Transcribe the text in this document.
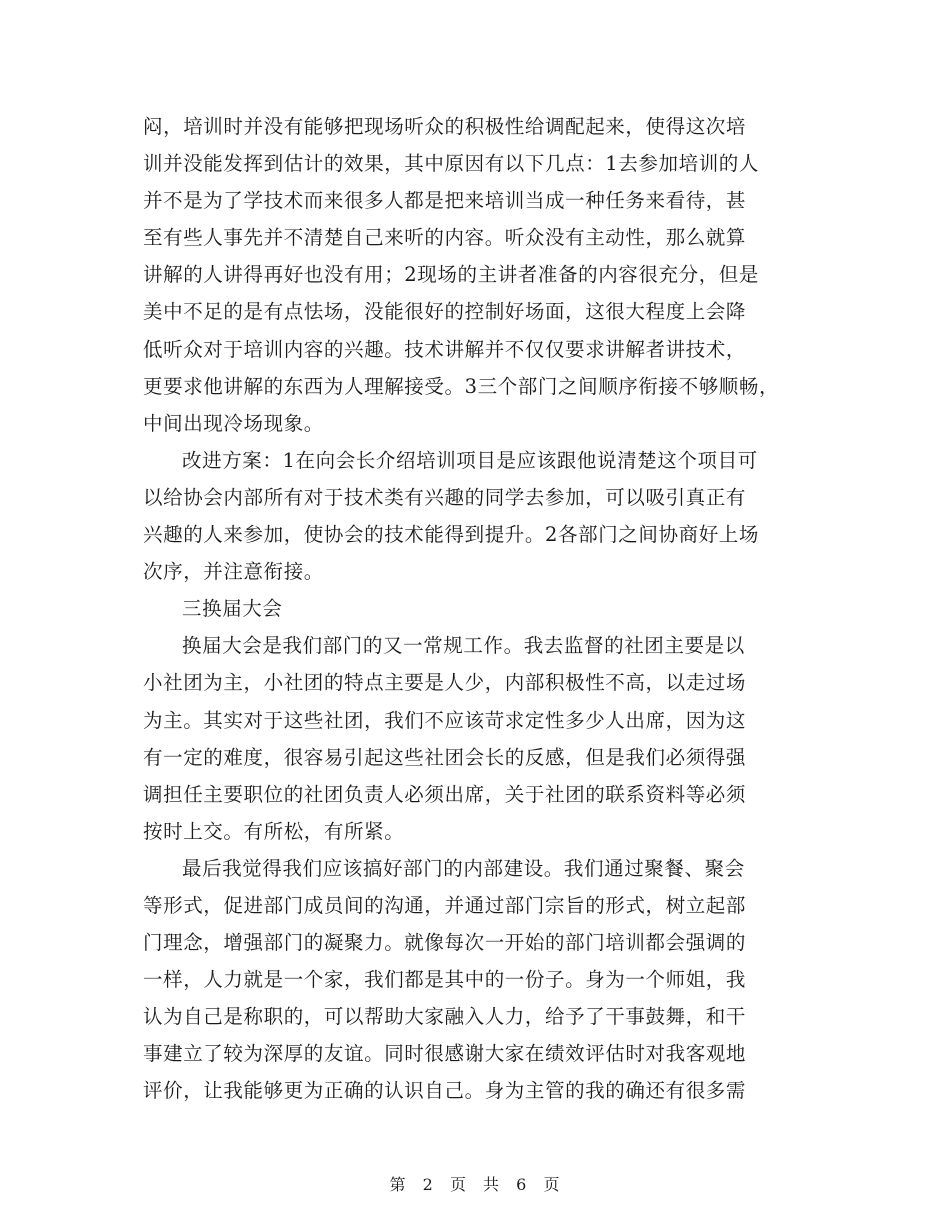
闷，培训时并没有能够把现场听众的积极性给调配起来，使得这次培
训并没能发挥到估计的效果，其中原因有以下几点：1去参加培训的人
并不是为了学技术而来很多人都是把来培训当成一种任务来看待，甚
至有些人事先并不清楚自己来听的内容。听众没有主动性，那么就算
讲解的人讲得再好也没有用；2现场的主讲者准备的内容很充分，但是
美中不足的是有点怯场，没能很好的控制好场面，这很大程度上会降
低听众对于培训内容的兴趣。技术讲解并不仅仅要求讲解者讲技术，
更要求他讲解的东西为人理解接受。3三个部门之间顺序衔接不够顺畅，
中间出现冷场现象。
改进方案：1在向会长介绍培训项目是应该跟他说清楚这个项目可
以给协会内部所有对于技术类有兴趣的同学去参加，可以吸引真正有
兴趣的人来参加，使协会的技术能得到提升。2各部门之间协商好上场
次序，并注意衔接。
三换届大会
换届大会是我们部门的又一常规工作。我去监督的社团主要是以
小社团为主，小社团的特点主要是人少，内部积极性不高，以走过场
为主。其实对于这些社团，我们不应该苛求定性多少人出席，因为这
有一定的难度，很容易引起这些社团会长的反感，但是我们必须得强
调担任主要职位的社团负责人必须出席，关于社团的联系资料等必须
按时上交。有所松，有所紧。
最后我觉得我们应该搞好部门的内部建设。我们通过聚餐、聚会
等形式，促进部门成员间的沟通，并通过部门宗旨的形式，树立起部
门理念，增强部门的凝聚力。就像每次一开始的部门培训都会强调的
一样，人力就是一个家，我们都是其中的一份子。身为一个师姐，我
认为自己是称职的，可以帮助大家融入人力，给予了干事鼓舞，和干
事建立了较为深厚的友谊。同时很感谢大家在绩效评估时对我客观地
评价，让我能够更为正确的认识自己。身为主管的我的确还有很多需
第 2 页 共 6 页
